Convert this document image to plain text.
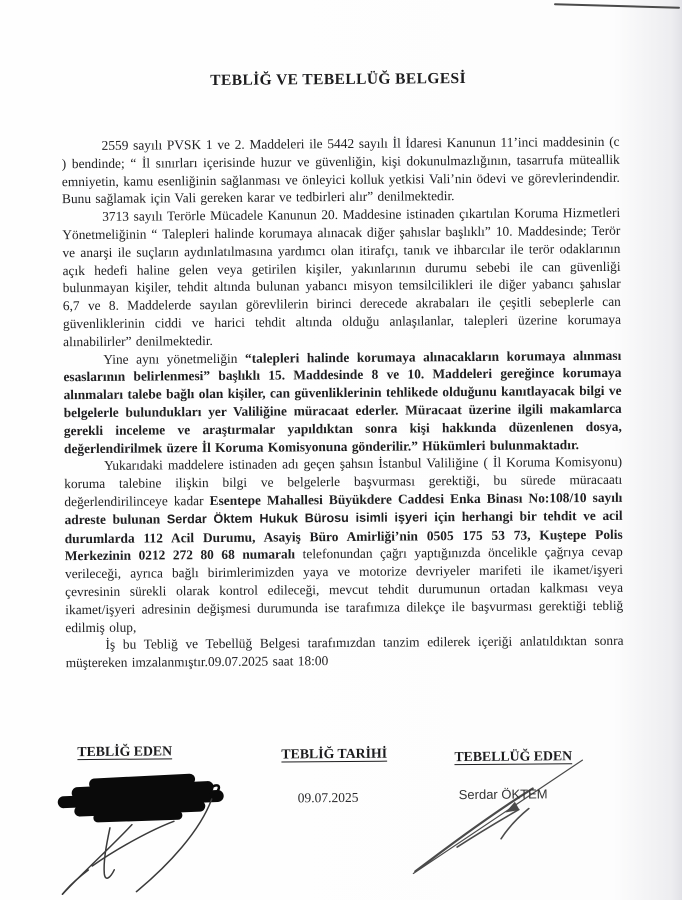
TEBLİĞ VE TEBELLÜĞ BELGESİ

2559 sayılı PVSK 1 ve 2. Maddeleri ile 5442 sayılı İl İdaresi Kanunun 11’inci maddesinin (c ) bendinde; “ İl sınırları içerisinde huzur ve güvenliğin, kişi dokunulmazlığının, tasarrufa müteallik emniyetin, kamu esenliğinin sağlanması ve önleyici kolluk yetkisi Vali’nin ödevi ve görevlerindendir. Bunu sağlamak için Vali gereken karar ve tedbirleri alır” denilmektedir.

3713 sayılı Terörle Mücadele Kanunun 20. Maddesine istinaden çıkartılan Koruma Hizmetleri Yönetmeliğinin “ Talepleri halinde korumaya alınacak diğer şahıslar başlıklı” 10. Maddesinde; Terör ve anarşi ile suçların aydınlatılmasına yardımcı olan itirafçı, tanık ve ihbarcılar ile terör odaklarının açık hedefi haline gelen veya getirilen kişiler, yakınlarının durumu sebebi ile can güvenliği bulunmayan kişiler, tehdit altında bulunan yabancı misyon temsilcilikleri ile diğer yabancı şahıslar 6,7 ve 8. Maddelerde sayılan görevlilerin birinci derecede akrabaları ile çeşitli sebeplerle can güvenliklerinin ciddi ve harici tehdit altında olduğu anlaşılanlar, talepleri üzerine korumaya alınabilirler” denilmektedir.

Yine aynı yönetmeliğin “talepleri halinde korumaya alınacakların korumaya alınması esaslarının belirlenmesi” başlıklı 15. Maddesinde 8 ve 10. Maddeleri gereğince korumaya alınmaları talebe bağlı olan kişiler, can güvenliklerinin tehlikede olduğunu kanıtlayacak bilgi ve belgelerle bulundukları yer Valiliğine müracaat ederler. Müracaat üzerine ilgili makamlarca gerekli inceleme ve araştırmalar yapıldıktan sonra kişi hakkında düzenlenen dosya, değerlendirilmek üzere İl Koruma Komisyonuna gönderilir.” Hükümleri bulunmaktadır.

Yukarıdaki maddelere istinaden adı geçen şahsın İstanbul Valiliğine ( İl Koruma Komisyonu) koruma talebine ilişkin bilgi ve belgelerle başvurması gerektiği, bu sürede müracaatı değerlendirilinceye kadar Esentepe Mahallesi Büyükdere Caddesi Enka Binası No:108/10 sayılı adreste bulunan Serdar Öktem Hukuk Bürosu isimli işyeri için herhangi bir tehdit ve acil durumlarda 112 Acil Durumu, Asayiş Büro Amirliği’nin 0505 175 53 73, Kuştepe Polis Merkezinin 0212 272 80 68 numaralı telefonundan çağrı yaptığınızda öncelikle çağrıya cevap verileceği, ayrıca bağlı birimlerimizden yaya ve motorize devriyeler marifeti ile ikamet/işyeri çevresinin sürekli olarak kontrol edileceği, mevcut tehdit durumunun ortadan kalkması veya ikamet/işyeri adresinin değişmesi durumunda ise tarafımıza dilekçe ile başvurması gerektiği tebliğ edilmiş olup,

İş bu Tebliğ ve Tebellüğ Belgesi tarafımızdan tanzim edilerek içeriği anlatıldıktan sonra müştereken imzalanmıştır.09.07.2025 saat 18:00

TEBLİĞ EDEN	TEBLİĞ TARİHİ
09.07.2025
TEBELLÜĞ EDEN
Serdar ÖKTEM
